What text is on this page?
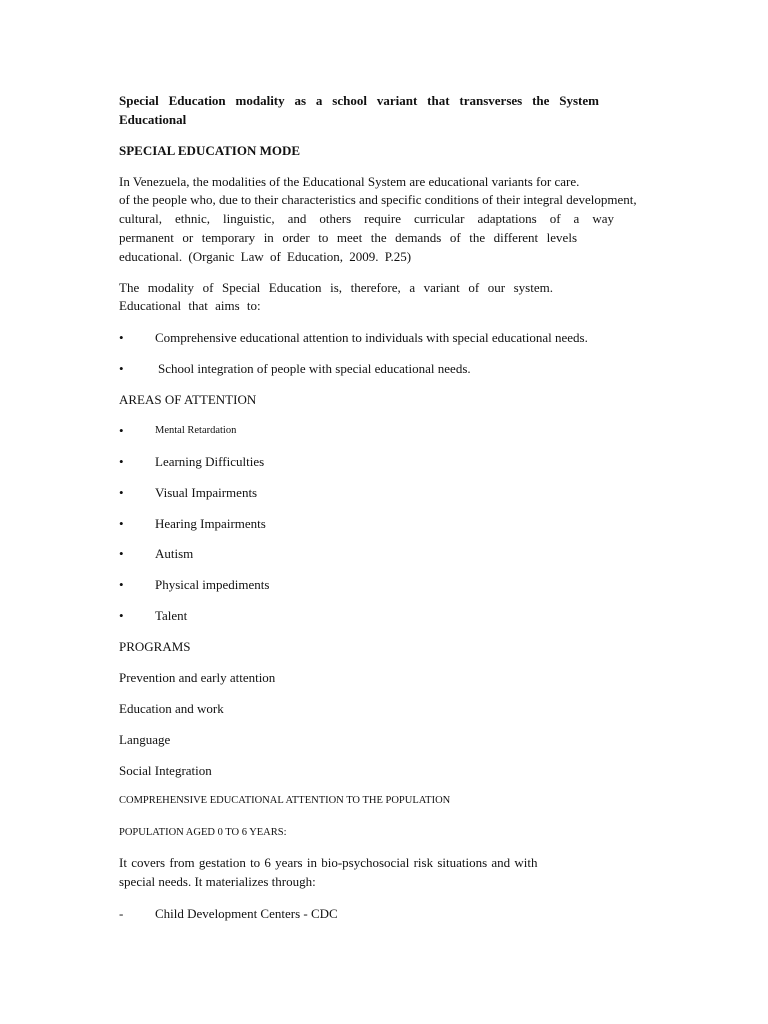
Special Education modality as a school variant that transverses the System
Educational
SPECIAL EDUCATION MODE
In Venezuela, the modalities of the Educational System are educational variants for care.
of the people who, due to their characteristics and specific conditions of their integral development,
cultural, ethnic, linguistic, and others require curricular adaptations of a way
permanent or temporary in order to meet the demands of the different levels
educational. (Organic Law of Education, 2009. P.25)
The modality of Special Education is, therefore, a variant of our system.
Educational that aims to:
• Comprehensive educational attention to individuals with special educational needs.
•	School integration of people with special educational needs.
AREAS OF ATTENTION
•	Mental Retardation
• Learning Difficulties
• Visual Impairments
• Hearing Impairments
• Autism
• Physical impediments
• Talent
PROGRAMS
Prevention and early attention
Education and work
Language
Social Integration
COMPREHENSIVE EDUCATIONAL ATTENTION TO THE POPULATION
POPULATION AGED 0 TO 6 YEARS:
It covers from gestation to 6 years in bio-psychosocial risk situations and with
special needs. It materializes through:
- Child Development Centers - CDC
